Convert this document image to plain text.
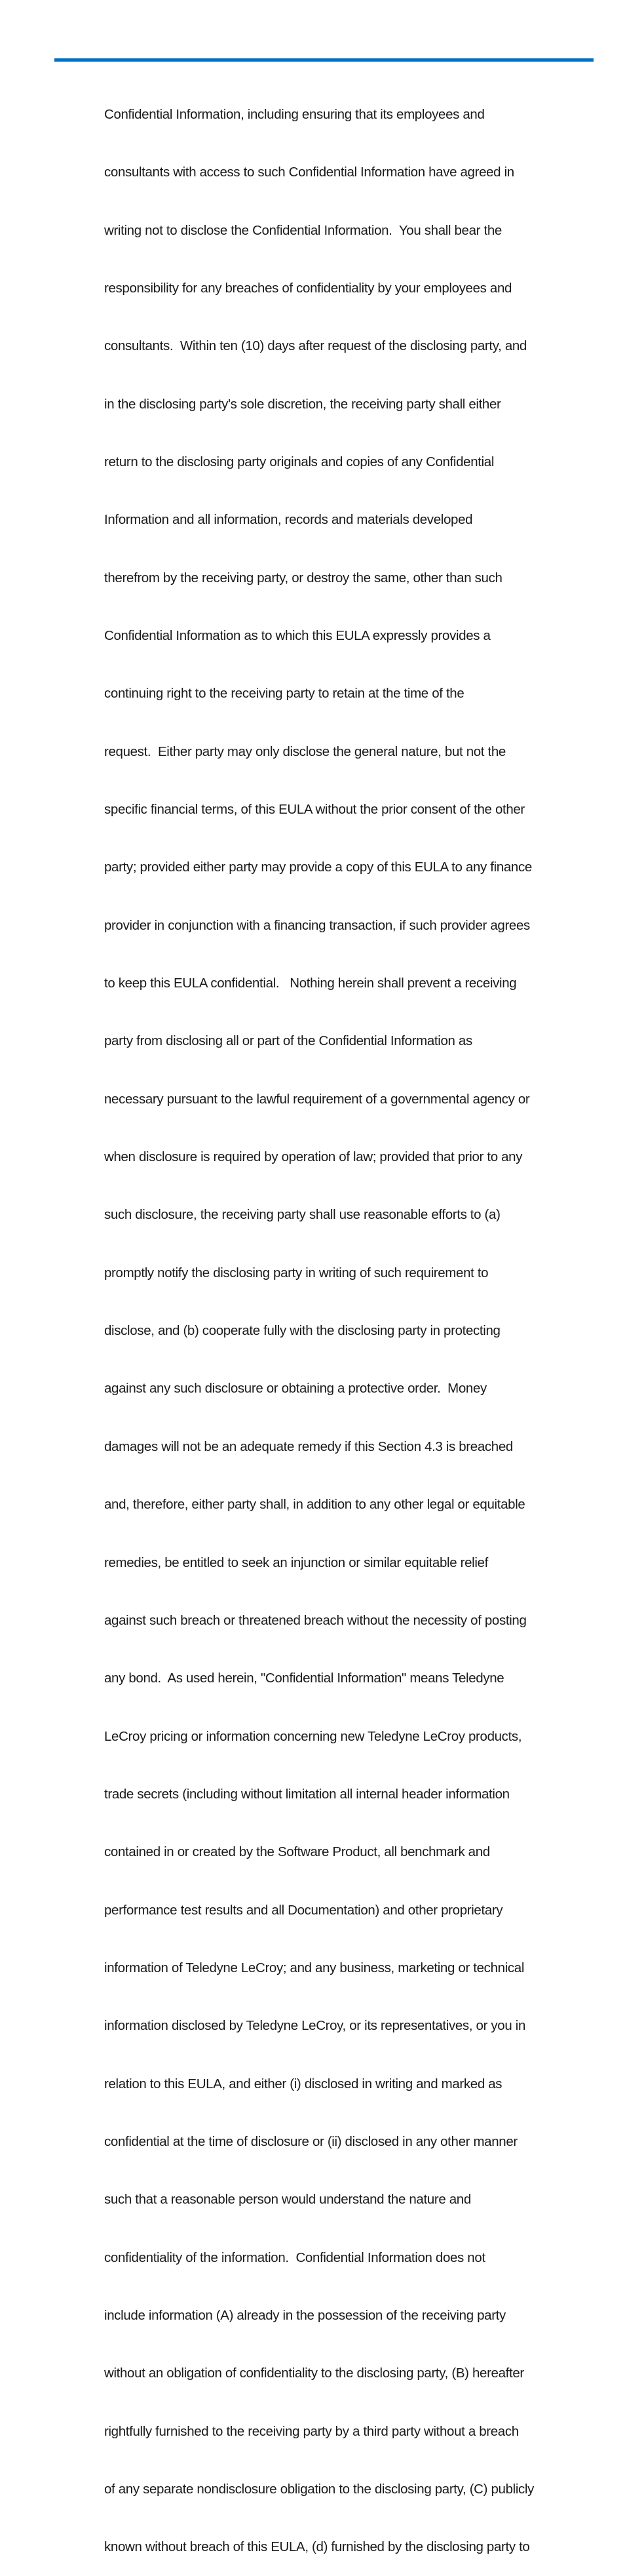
Confidential Information, including ensuring that its employees and

consultants with access to such Confidential Information have agreed in

writing not to disclose the Confidential Information.  You shall bear the

responsibility for any breaches of confidentiality by your employees and

consultants.  Within ten (10) days after request of the disclosing party, and

in the disclosing party's sole discretion, the receiving party shall either

return to the disclosing party originals and copies of any Confidential

Information and all information, records and materials developed

therefrom by the receiving party, or destroy the same, other than such

Confidential Information as to which this EULA expressly provides a

continuing right to the receiving party to retain at the time of the

request.  Either party may only disclose the general nature, but not the

specific financial terms, of this EULA without the prior consent of the other

party; provided either party may provide a copy of this EULA to any finance

provider in conjunction with a financing transaction, if such provider agrees

to keep this EULA confidential.   Nothing herein shall prevent a receiving

party from disclosing all or part of the Confidential Information as

necessary pursuant to the lawful requirement of a governmental agency or

when disclosure is required by operation of law; provided that prior to any

such disclosure, the receiving party shall use reasonable efforts to (a)

promptly notify the disclosing party in writing of such requirement to

disclose, and (b) cooperate fully with the disclosing party in protecting

against any such disclosure or obtaining a protective order.  Money

damages will not be an adequate remedy if this Section 4.3 is breached

and, therefore, either party shall, in addition to any other legal or equitable

remedies, be entitled to seek an injunction or similar equitable relief

against such breach or threatened breach without the necessity of posting

any bond.  As used herein, "Confidential Information" means Teledyne

LeCroy pricing or information concerning new Teledyne LeCroy products,

trade secrets (including without limitation all internal header information

contained in or created by the Software Product, all benchmark and

performance test results and all Documentation) and other proprietary

information of Teledyne LeCroy; and any business, marketing or technical

information disclosed by Teledyne LeCroy, or its representatives, or you in

relation to this EULA, and either (i) disclosed in writing and marked as

confidential at the time of disclosure or (ii) disclosed in any other manner

such that a reasonable person would understand the nature and

confidentiality of the information.  Confidential Information does not

include information (A) already in the possession of the receiving party

without an obligation of confidentiality to the disclosing party, (B) hereafter

rightfully furnished to the receiving party by a third party without a breach

of any separate nondisclosure obligation to the disclosing party, (C) publicly

known without breach of this EULA, (d) furnished by the disclosing party to
